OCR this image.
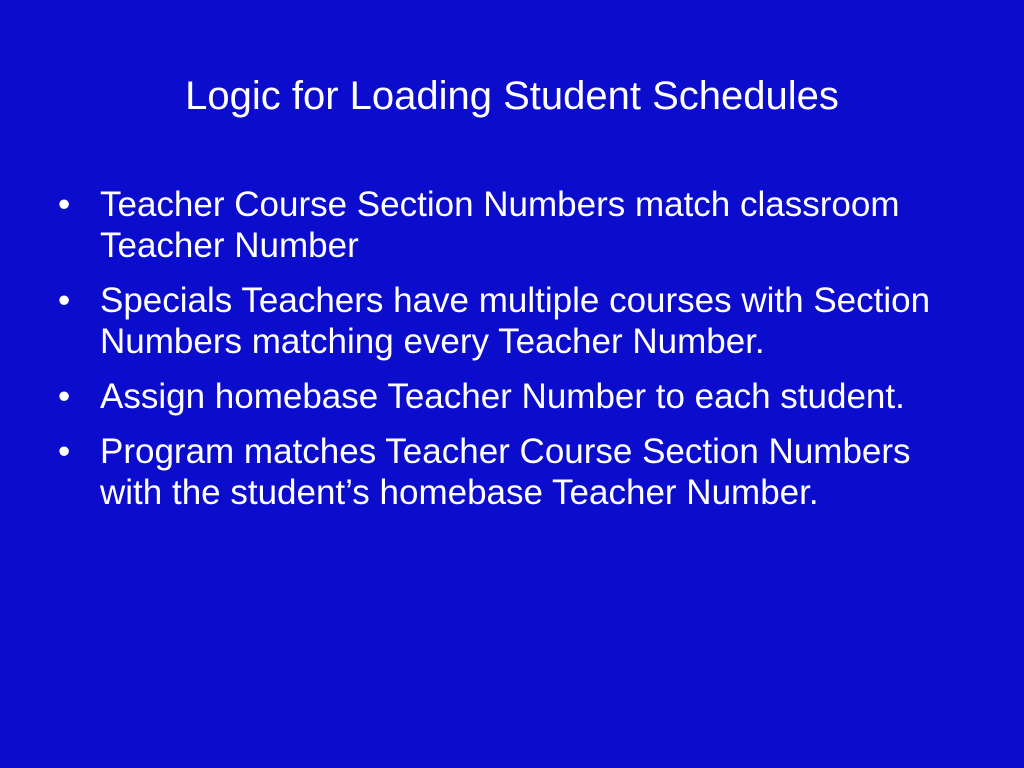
Logic for Loading Student Schedules
• Teacher Course Section Numbers match classroom Teacher Number
• Specials Teachers have multiple courses with Section Numbers matching every Teacher Number.
• Assign homebase Teacher Number to each student.
• Program matches Teacher Course Section Numbers with the student’s homebase Teacher Number.
